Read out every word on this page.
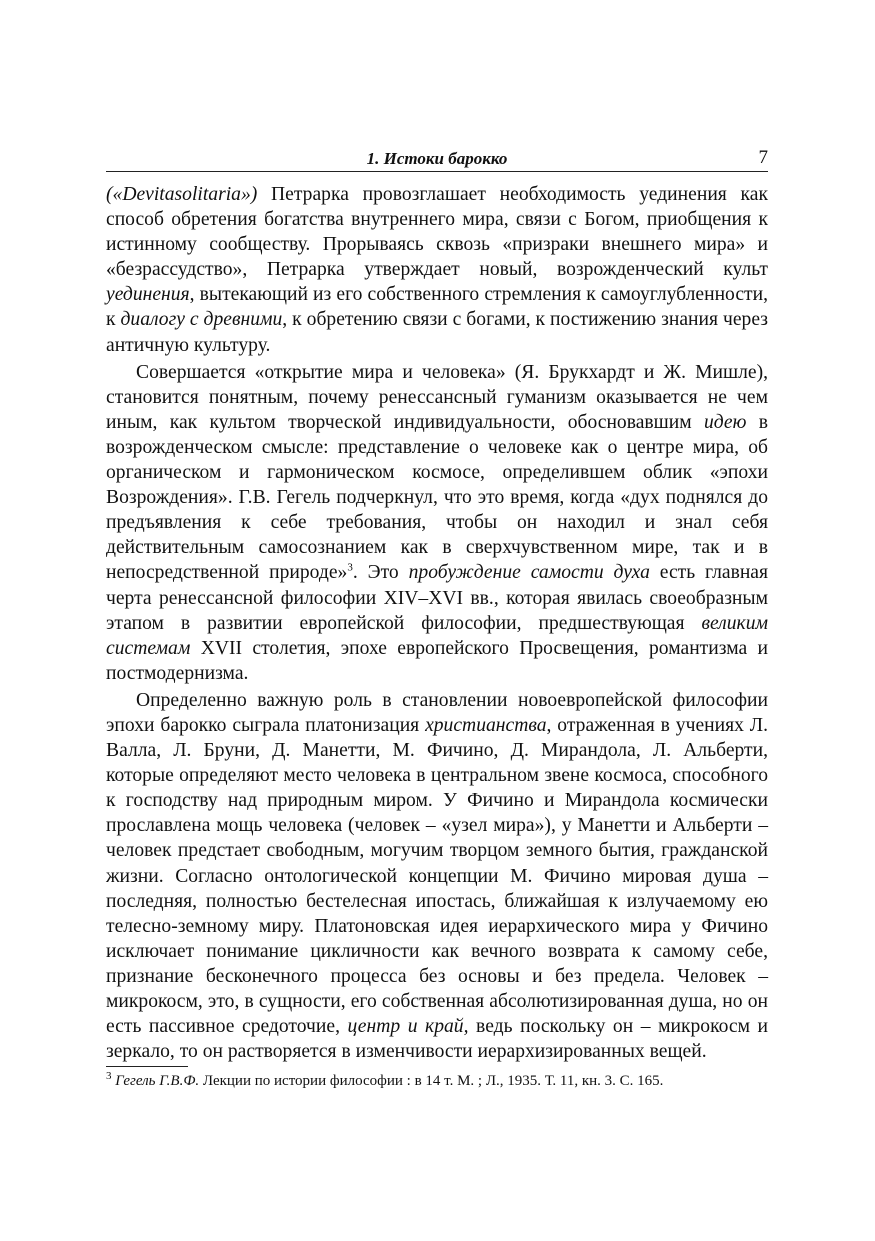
1. Истоки барокко	7

(«Devitasolitaria») Петрарка провозглашает необходимость уединения как способ обретения богатства внутреннего мира, связи с Богом, приобщения к истинному сообществу. Прорываясь сквозь «призраки внешнего мира» и «безрассудство», Петрарка утверждает новый, возрожденческий культ уединения, вытекающий из его собственного стремления к самоуглубленности, к диалогу с древними, к обретению связи с богами, к постижению знания через античную культуру.

Совершается «открытие мира и человека» (Я. Брукхардт и Ж. Мишле), становится понятным, почему ренессансный гуманизм оказывается не чем иным, как культом творческой индивидуальности, обосновавшим идею в возрожденческом смысле: представление о человеке как о центре мира, об органическом и гармоническом космосе, определившем облик «эпохи Возрождения». Г.В. Гегель подчеркнул, что это время, когда «дух поднялся до предъявления к себе требования, чтобы он находил и знал себя действительным самосознанием как в сверхчувственном мире, так и в непосредственной природе»$^3$. Это пробуждение самости духа есть главная черта ренессансной философии XIV–XVI вв., которая явилась своеобразным этапом в развитии европейской философии, предшествующая великим системам XVII столетия, эпохе европейского Просвещения, романтизма и постмодернизма.

Определенно важную роль в становлении новоевропейской философии эпохи барокко сыграла платонизация христианства, отраженная в учениях Л. Валла, Л. Бруни, Д. Манетти, М. Фичино, Д. Мирандола, Л. Альберти, которые определяют место человека в центральном звене космоса, способного к господству над природным миром. У Фичино и Мирандола космически прославлена мощь человека (человек – «узел мира»), у Манетти и Альберти – человек предстает свободным, могучим творцом земного бытия, гражданской жизни. Согласно онтологической концепции М. Фичино мировая душа – последняя, полностью бестелесная ипостась, ближайшая к излучаемому ею телесно-земному миру. Платоновская идея иерархического мира у Фичино исключает понимание цикличности как вечного возврата к самому себе, признание бесконечного процесса без основы и без предела. Человек – микрокосм, это, в сущности, его собственная абсолютизированная душа, но он есть пассивное средоточие, центр и край, ведь поскольку он – микрокосм и зеркало, то он растворяется в изменчивости иерархизированных вещей.

$^3$ Гегель Г.В.Ф. Лекции по истории философии : в 14 т. М. ; Л., 1935. Т. 11, кн. 3. С. 165.
